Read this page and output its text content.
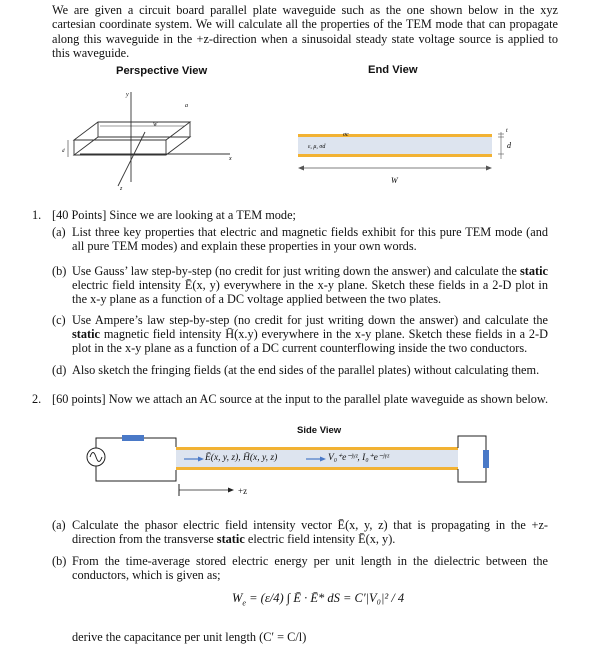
We are given a circuit board parallel plate waveguide such as the one shown below in the xyz cartesian coordinate system. We will calculate all the properties of the TEM mode that can propagate along this waveguide in the +z-direction when a sinusoidal steady state voltage source is applied to this waveguide.
Perspective View	End View
y
x
z
a
W
d
σc
ε, μ, σd
t
d
W
1. [40 Points] Since we are looking at a TEM mode;
(a) List three key properties that electric and magnetic fields exhibit for this pure TEM mode (and all pure TEM modes) and explain these properties in your own words.
(b) Use Gauss’ law step-by-step (no credit for just writing down the answer) and calculate the static electric field intensity Ē(x, y) everywhere in the x-y plane. Sketch these fields in a 2-D plot in the x-y plane as a function of a DC voltage applied between the two plates.
(c) Use Ampere’s law step-by-step (no credit for just writing down the answer) and calculate the static magnetic field intensity H̄(x.y) everywhere in the x-y plane. Sketch these fields in a 2-D plot in the x-y plane as a function of a DC current counterflowing inside the two conductors.
(d) Also sketch the fringing fields (at the end sides of the parallel plates) without calculating them.
2. [60 points] Now we attach an AC source at the input to the parallel plate waveguide as shown below.
Side View
Ē(x, y, z), H̄(x, y, z)	V₀⁺e⁻ʲᵞᶻ, I₀⁺e⁻ʲᵞᶻ
+z
(a) Calculate the phasor electric field intensity vector Ē(x, y, z) that is propagating in the +z-direction from the transverse static electric field intensity Ē(x, y).
(b) From the time-average stored electric energy per unit length in the dielectric between the conductors, which is given as;
$W_e = (\varepsilon/4)$ ∫ Ē · Ē* dS = C′|V₀|² / 4
derive the capacitance per unit length (C′ = C/l)
